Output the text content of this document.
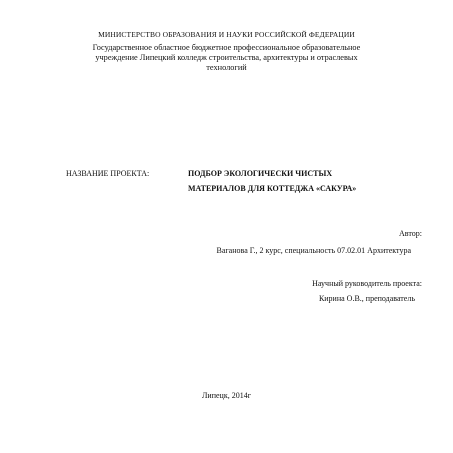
МИНИСТЕРСТВО ОБРАЗОВАНИЯ И НАУКИ РОССИЙСКОЙ ФЕДЕРАЦИИ
Государственное областное бюджетное профессиональное образовательное
учреждение Липецкий колледж строительства, архитектуры и отраслевых
технологий
НАЗВАНИЕ ПРОЕКТА:	ПОДБОР ЭКОЛОГИЧЕСКИ ЧИСТЫХ
МАТЕРИАЛОВ ДЛЯ КОТТЕДЖА «САКУРА»
Автор:
Ваганова Г., 2 курс, специальность 07.02.01 Архитектура
Научный руководитель проекта:
Кирина О.В., преподаватель
Липецк, 2014г
